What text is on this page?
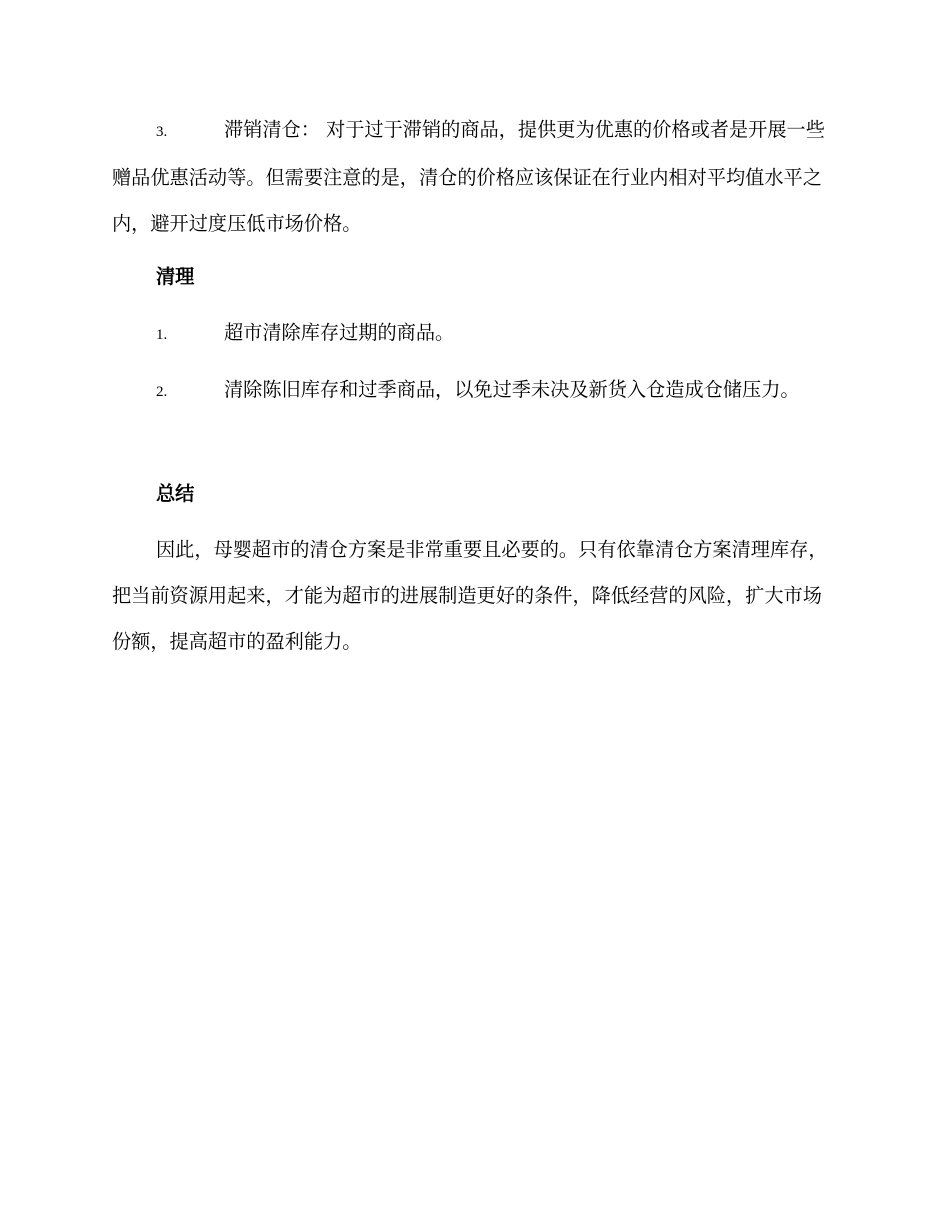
3.	滞销清仓： 对于过于滞销的商品，提供更为优惠的价格或者是开展一些赠品优惠活动等。但需要注意的是，清仓的价格应该保证在行业内相对平均值水平之内，避开过度压低市场价格。

清理

1.	超市清除库存过期的商品。

2.	清除陈旧库存和过季商品，以免过季未决及新货入仓造成仓储压力。

总结

因此，母婴超市的清仓方案是非常重要且必要的。只有依靠清仓方案清理库存，把当前资源用起来，才能为超市的进展制造更好的条件，降低经营的风险，扩大市场份额，提高超市的盈利能力。
